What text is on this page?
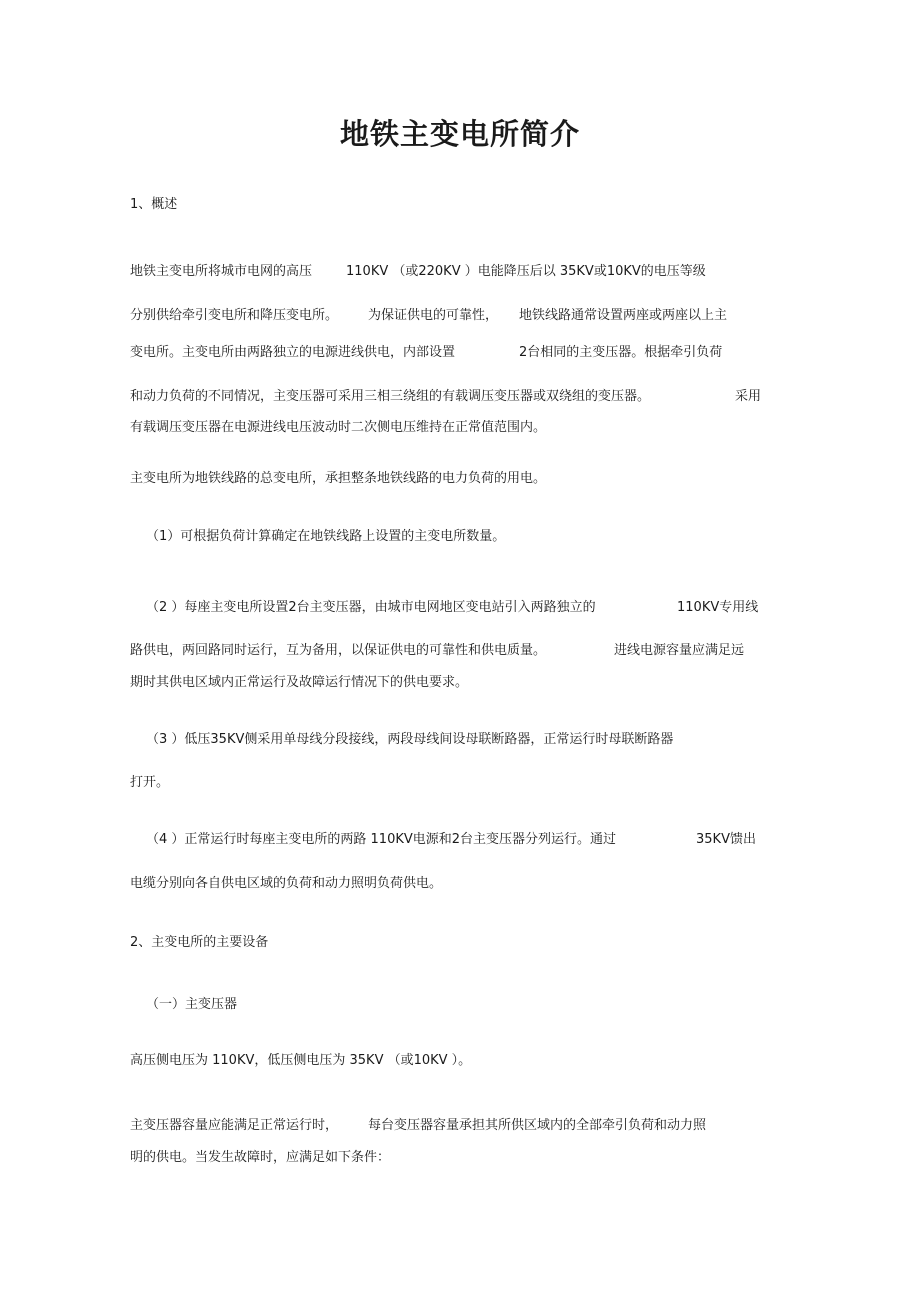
地铁主变电所简介
1、概述
地铁主变电所将城市电网的高压	110KV （或220KV ）电能降压后以 35KV或10KV的电压等级
分别供给牵引变电所和降压变电所。 为保证供电的可靠性， 地铁线路通常设置两座或两座以上主
变电所。主变电所由两路独立的电源进线供电，内部设置	2台相同的主变压器。根据牵引负荷
和动力负荷的不同情况，主变压器可采用三相三绕组的有载调压变压器或双绕组的变压器。	采用
有载调压变压器在电源进线电压波动时二次侧电压维持在正常值范围内。
主变电所为地铁线路的总变电所，承担整条地铁线路的电力负荷的用电。
（1）可根据负荷计算确定在地铁线路上设置的主变电所数量。
（2 ）每座主变电所设置2台主变压器，由城市电网地区变电站引入两路独立的	110KV专用线
路供电，两回路同时运行，互为备用，以保证供电的可靠性和供电质量。	进线电源容量应满足远
期时其供电区域内正常运行及故障运行情况下的供电要求。
（3 ）低压35KV侧采用单母线分段接线，两段母线间设母联断路器，正常运行时母联断路器
打开。
（4 ）正常运行时每座主变电所的两路 110KV电源和2台主变压器分列运行。通过	35KV馈出
电缆分别向各自供电区域的负荷和动力照明负荷供电。
2、主变电所的主要设备
（一）主变压器
高压侧电压为 110KV，低压侧电压为 35KV （或10KV ）。
主变压器容量应能满足正常运行时， 每台变压器容量承担其所供区域内的全部牵引负荷和动力照
明的供电。当发生故障时，应满足如下条件：
